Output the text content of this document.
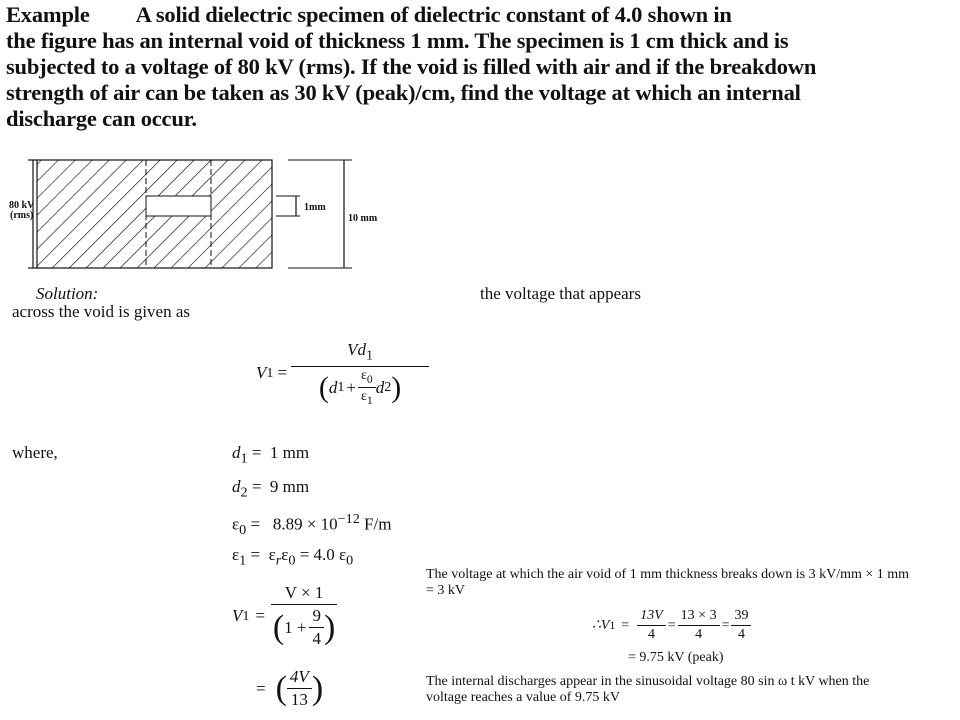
Example A solid dielectric specimen of dielectric constant of 4.0 shown in
the figure has an internal void of thickness 1 mm. The specimen is 1 cm thick and is
subjected to a voltage of 80 kV (rms). If the void is filled with air and if the breakdown
strength of air can be taken as 30 kV (peak)/cm, find the voltage at which an internal
discharge can occur.
80 kV
(rms)
1mm
10 mm
Solution:	the voltage that appears
across the void is given as
V 1 =
$Vd_1$
( d $1 + \frac{\varepsilon_0}{\varepsilon_1}$ d 2 )
where,	$d_1 = 1$ mm
$d_2 = 9$ mm
$\varepsilon_0 = 8.89 \times 10^{-12}$ F/m
$\varepsilon_1 = \varepsilon_r\varepsilon_0 = 4.0$ $\varepsilon_0$
V $1 = \frac{V \times 1}{( 1 + \frac{9}{4} )}$
= ( $\frac{4V}{13}$ )
The voltage at which the air void of 1 mm thickness breaks down is 3 kV/mm × 1 mm
= 3 kV
∴V $1 = \frac{13V}{4} = \frac{13 \times 3}{4} = \frac{39}{4}$
= 9.75 kV (peak)
The internal discharges appear in the sinusoidal voltage 80 sin ω t kV when the
voltage reaches a value of 9.75 kV
